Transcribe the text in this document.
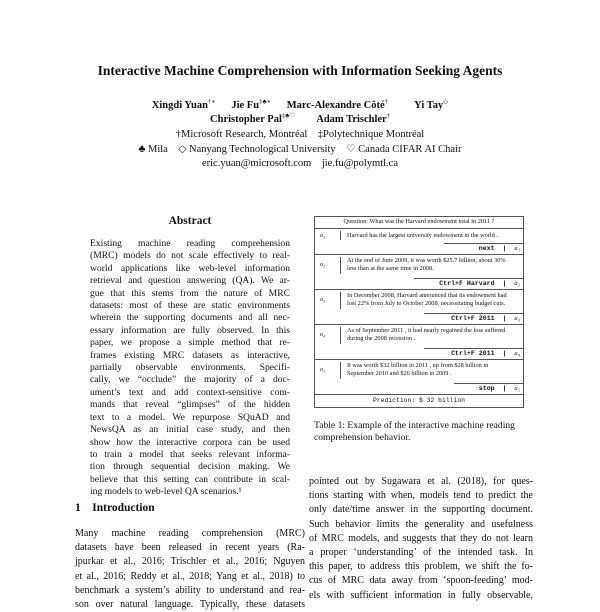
Interactive Machine Comprehension with Information Seeking Agents
Xingdi Yuan†∗ Jie Fu‡♣∗ Marc-Alexandre Côté†	Yi Tay◇
Christopher Pal‡♣♡ Adam Trischler†
†Microsoft Research, Montréal    ‡Polytechnique Montréal
♣ Mila    ◇ Nanyang Technological University    ♡ Canada CIFAR AI Chair
eric.yuan@microsoft.com    jie.fu@polymtl.ca
Abstract
Existing machine reading comprehension
(MRC) models do not scale effectively to real-
world applications like web-level information
retrieval and question answering (QA). We ar-
gue that this stems from the nature of MRC
datasets: most of these are static environments
wherein the supporting documents and all nec-
essary information are fully observed. In this
paper, we propose a simple method that re-
frames existing MRC datasets as interactive,
partially observable environments. Specifi-
cally, we “occlude” the majority of a doc-
ument’s text and add context-sensitive com-
mands that reveal “glimpses” of the hidden
text to a model. We repurpose SQuAD and
NewsQA as an initial case study, and then
show how the interactive corpora can be used
to train a model that seeks relevant informa-
tion through sequential decision making. We
believe that this setting can contribute in scal-
ing models to web-level QA scenarios.¹
1 Introduction
Many machine reading comprehension (MRC)
datasets have been released in recent years (Ra-
jpurkar et al., 2016; Trischler et al., 2016; Nguyen
et al., 2016; Reddy et al., 2018; Yang et al., 2018) to
benchmark a system’s ability to understand and rea-
son over natural language. Typically, these datasets
Question: What was the Harvard endowment total in 2011 ?
o₁	Harvard has the largest university endowment in the world .
next  |  a₁
o₂
At the end of June 2009, it was worth $25.7 billion, about 30% less than at the same time in 2008.
Ctrl+F Harvard  |  a₂
o₃
In December 2008, Harvard announced that its endowment had lost 22% from July to October 2008, necessitating budget cuts.
Ctrl+F 2011  |  a₃
o₄
As of September 2011 , it had nearly regained the loss suffered during the 2008 recession .
Ctrl+F 2011  |  a₄
o₅
It was worth $32 billion in 2011 , up from $28 billion in September 2010 and $26 billion in 2009 .
stop  |  a₅
Prediction: $ 32 billion
Table 1: Example of the interactive machine reading comprehension behavior.
pointed out by Sugawara et al. (2018), for ques-
tions starting with when, models tend to predict the
only date/time answer in the supporting document.
Such behavior limits the generality and usefulness
of MRC models, and suggests that they do not learn
a proper ‘understanding’ of the intended task. In
this paper, to address this problem, we shift the fo-
cus of MRC data away from ‘spoon-feeding’ mod-
els with sufficient information in fully observable,
